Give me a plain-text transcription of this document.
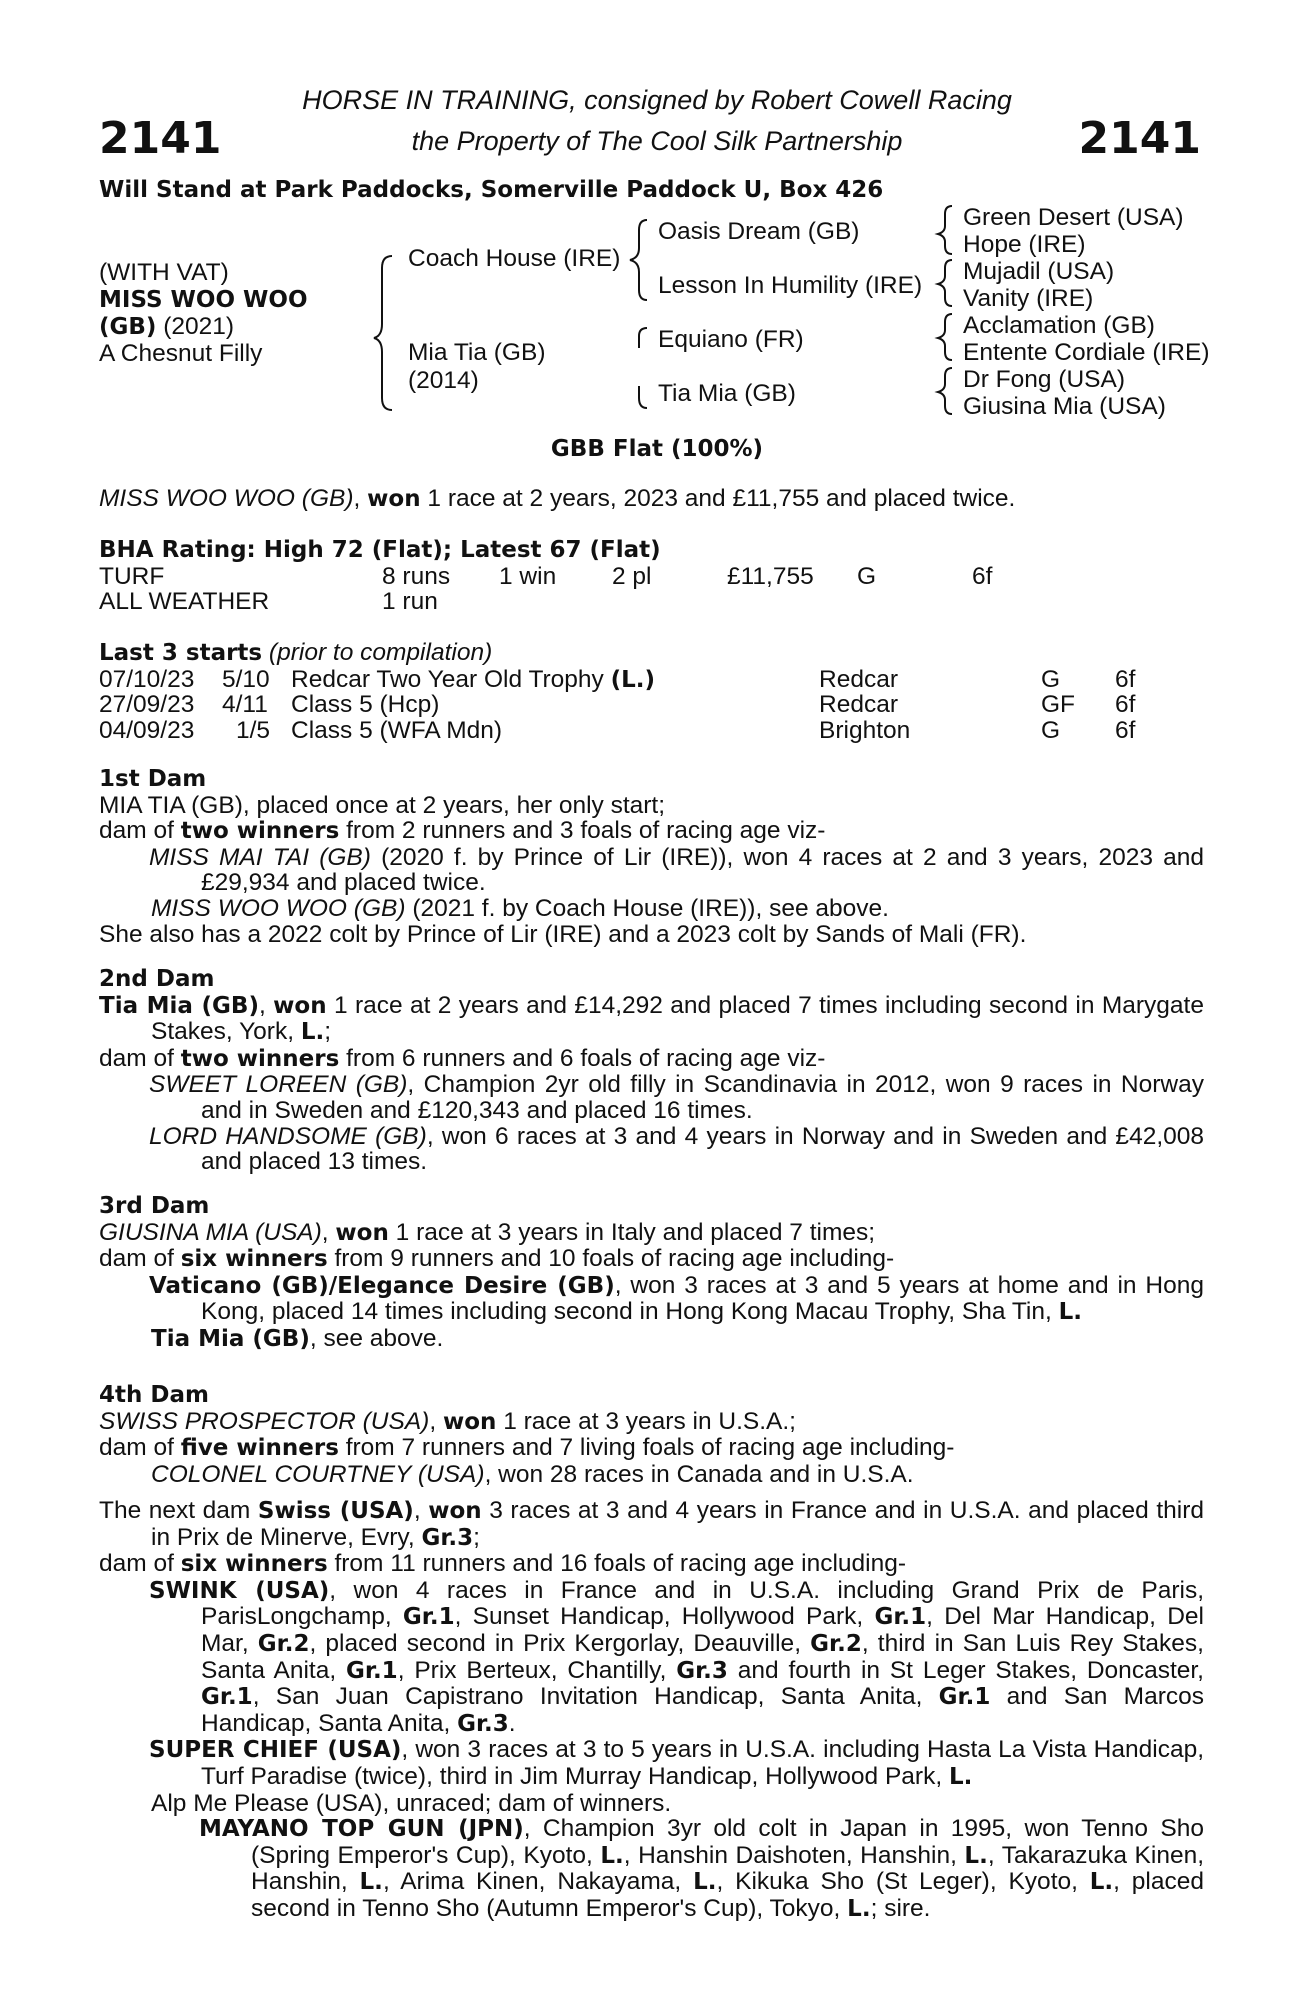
2141	2141
HORSE IN TRAINING, consigned by Robert Cowell Racing
the Property of The Cool Silk Partnership
Will Stand at Park Paddocks, Somerville Paddock U, Box 426
(WITH VAT)
MISS WOO WOO
(GB) (2021)
A Chesnut Filly
Coach House (IRE)
Mia Tia (GB)
(2014)
Oasis Dream (GB)
Lesson In Humility (IRE)
Equiano (FR)
Tia Mia (GB)
Green Desert (USA)
Hope (IRE)
Mujadil (USA)
Vanity (IRE)
Acclamation (GB)
Entente Cordiale (IRE)
Dr Fong (USA)
Giusina Mia (USA)
GBB Flat (100%)
MISS WOO WOO (GB), won 1 race at 2 years, 2023 and £11,755 and placed twice.
BHA Rating: High 72 (Flat); Latest 67 (Flat)
TURF	8 runs 1 win 2 pl	£11,755 G	6f
ALL WEATHER	1 run
Last 3 starts (prior to compilation)
07/10/23 5/10 Redcar Two Year Old Trophy (L.)	Redcar	G 6f
27/09/23 4/11 Class 5 (Hcp)	Redcar	GF 6f
04/09/23 1/5 Class 5 (WFA Mdn)	Brighton	G 6f
1st Dam
MIA TIA (GB), placed once at 2 years, her only start;
dam of two winners from 2 runners and 3 foals of racing age viz-
MISS MAI TAI (GB) (2020 f. by Prince of Lir (IRE)), won 4 races at 2 and 3 years, 2023 and £29,934 and placed twice.
MISS WOO WOO (GB) (2021 f. by Coach House (IRE)), see above.
She also has a 2022 colt by Prince of Lir (IRE) and a 2023 colt by Sands of Mali (FR).
2nd Dam
Tia Mia (GB), won 1 race at 2 years and £14,292 and placed 7 times including second in Marygate Stakes, York, L.;
dam of two winners from 6 runners and 6 foals of racing age viz-
SWEET LOREEN (GB), Champion 2yr old filly in Scandinavia in 2012, won 9 races in Norway and in Sweden and £120,343 and placed 16 times.
LORD HANDSOME (GB), won 6 races at 3 and 4 years in Norway and in Sweden and £42,008 and placed 13 times.
3rd Dam
GIUSINA MIA (USA), won 1 race at 3 years in Italy and placed 7 times;
dam of six winners from 9 runners and 10 foals of racing age including-
Vaticano (GB)/Elegance Desire (GB), won 3 races at 3 and 5 years at home and in Hong Kong, placed 14 times including second in Hong Kong Macau Trophy, Sha Tin, L.
Tia Mia (GB), see above.
4th Dam
SWISS PROSPECTOR (USA), won 1 race at 3 years in U.S.A.;
dam of five winners from 7 runners and 7 living foals of racing age including-
COLONEL COURTNEY (USA), won 28 races in Canada and in U.S.A.
The next dam Swiss (USA), won 3 races at 3 and 4 years in France and in U.S.A. and placed third in Prix de Minerve, Evry, Gr.3;
dam of six winners from 11 runners and 16 foals of racing age including-
SWINK (USA), won 4 races in France and in U.S.A. including Grand Prix de Paris, ParisLongchamp, Gr.1, Sunset Handicap, Hollywood Park, Gr.1, Del Mar Handicap, Del Mar, Gr.2, placed second in Prix Kergorlay, Deauville, Gr.2, third in San Luis Rey Stakes, Santa Anita, Gr.1, Prix Berteux, Chantilly, Gr.3 and fourth in St Leger Stakes, Doncaster, Gr.1, San Juan Capistrano Invitation Handicap, Santa Anita, Gr.1 and San Marcos Handicap, Santa Anita, Gr.3.
SUPER CHIEF (USA), won 3 races at 3 to 5 years in U.S.A. including Hasta La Vista Handicap, Turf Paradise (twice), third in Jim Murray Handicap, Hollywood Park, L.
Alp Me Please (USA), unraced; dam of winners.
MAYANO TOP GUN (JPN), Champion 3yr old colt in Japan in 1995, won Tenno Sho (Spring Emperor's Cup), Kyoto, L., Hanshin Daishoten, Hanshin, L., Takarazuka Kinen, Hanshin, L., Arima Kinen, Nakayama, L., Kikuka Sho (St Leger), Kyoto, L., placed second in Tenno Sho (Autumn Emperor's Cup), Tokyo, L.; sire.
